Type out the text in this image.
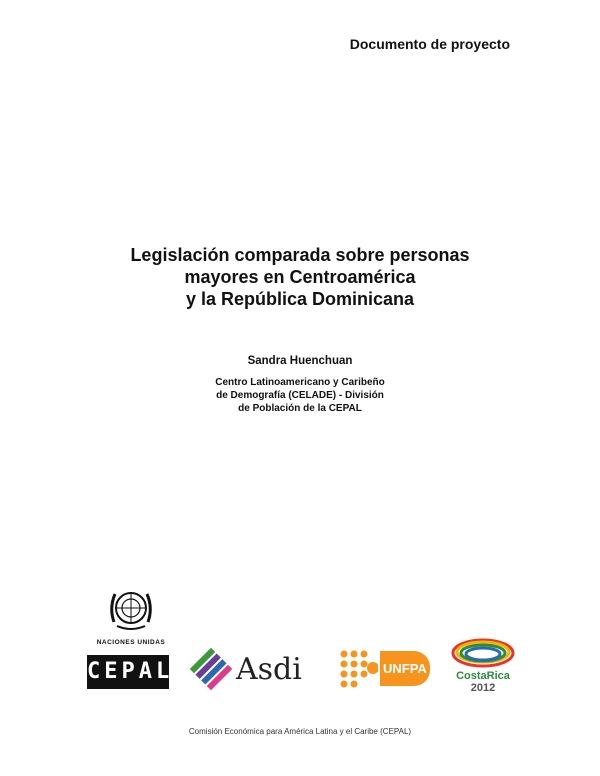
Documento de proyecto
Legislación comparada sobre personas
mayores en Centroamérica
y la República Dominicana
Sandra Huenchuan
Centro Latinoamericano y Caribeño
de Demografía (CELADE) - División
de Población de la CEPAL
NACIONES UNIDAS
CEPAL Asdi	UNFPA
CostaRica
2012
Comisión Económica para América Latina y el Caribe (CEPAL)
